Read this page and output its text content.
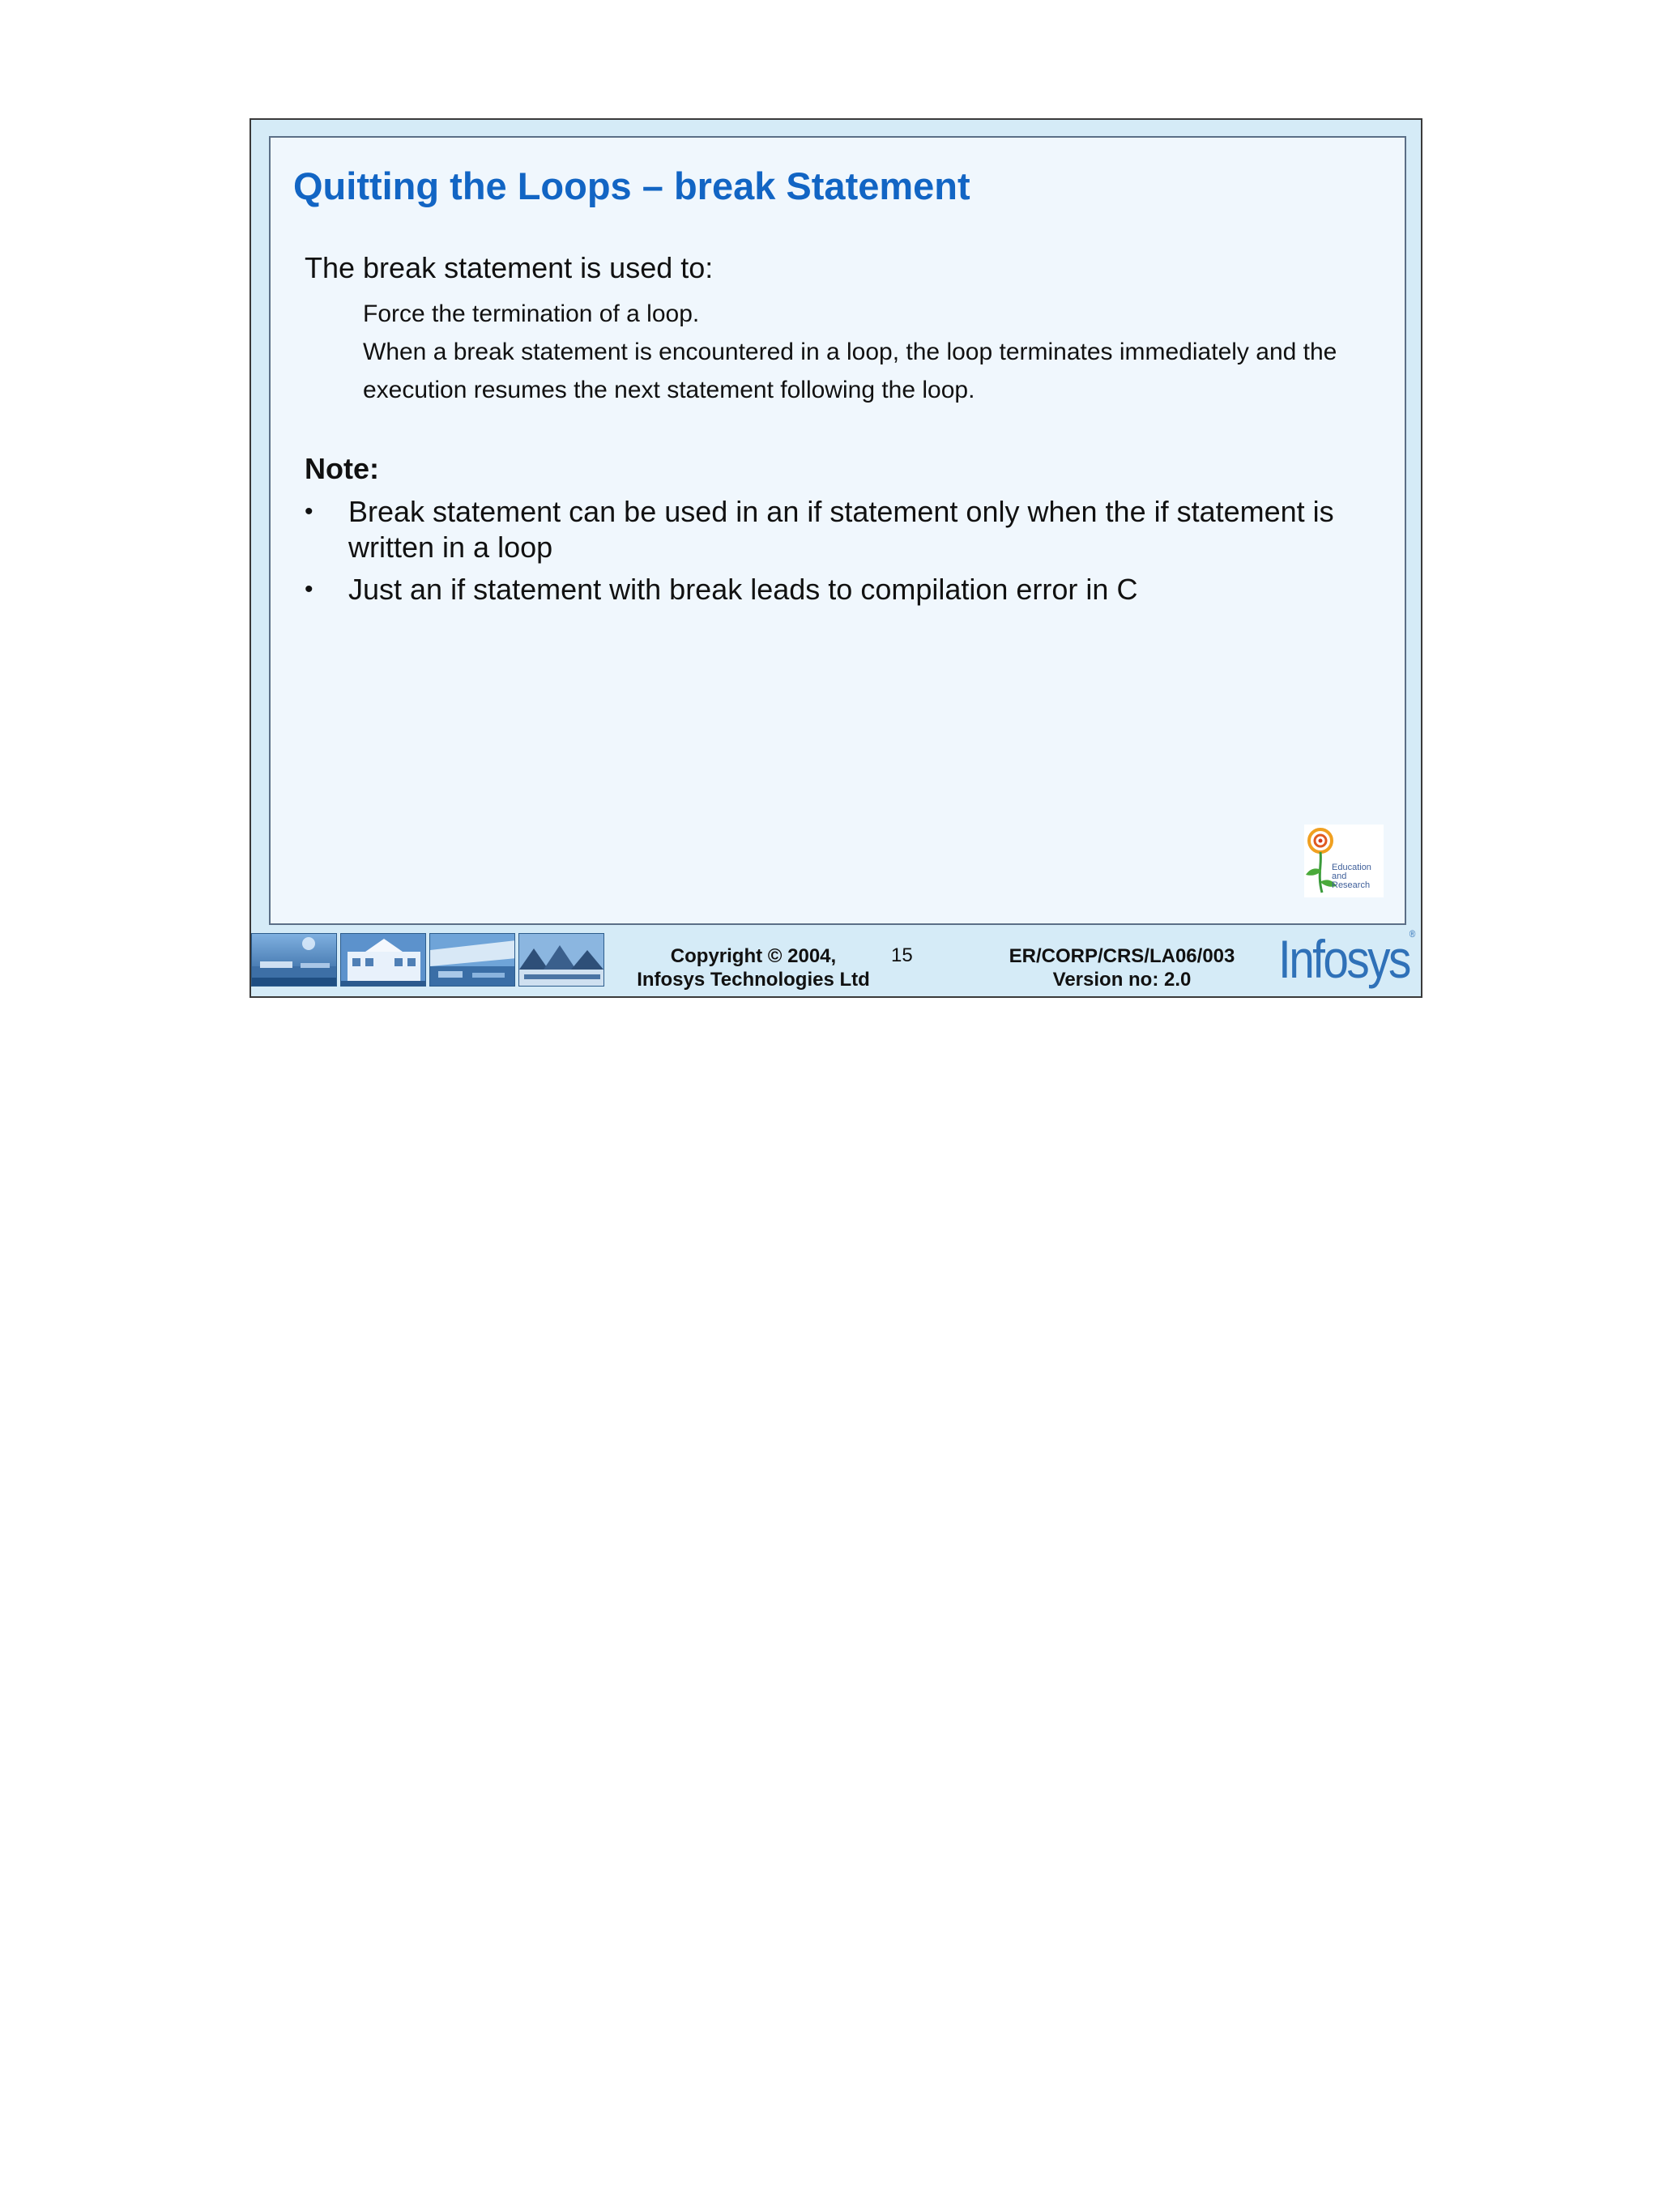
Quitting the Loops – break Statement
The break statement is used to:
Force the termination of a loop.
When a break statement is encountered in a loop, the loop terminates immediately and the execution resumes the next statement following the loop.
Note:
• Break statement can be used in an if statement only when the if statement is written in a loop
• Just an if statement with break leads to compilation error in C
Education
and
Research
Copyright © 2004,
Infosys Technologies Ltd
15	ER/CORP/CRS/LA06/003
Version no: 2.0	Infosys®
